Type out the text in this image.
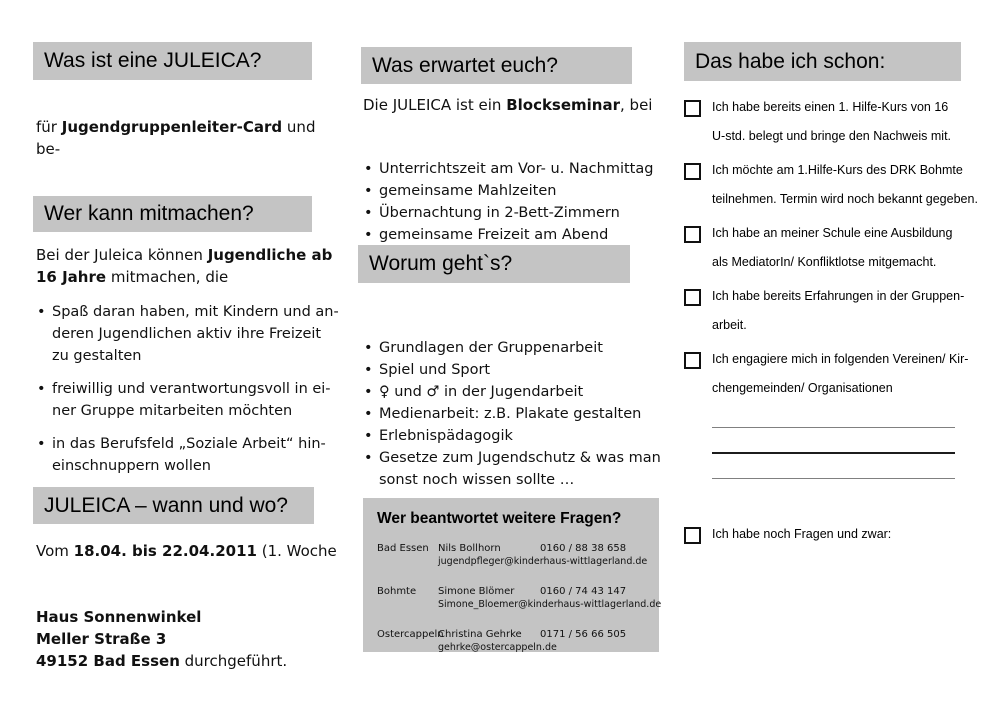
Was ist eine JULEICA?

für Jugendgruppenleiter-Card und be-

Wer kann mitmachen?
Bei der Juleica können Jugendliche ab
16 Jahre mitmachen, die
• Spaß daran haben, mit Kindern und an-
deren Jugendlichen aktiv ihre Freizeit
zu gestalten
• freiwillig und verantwortungsvoll in ei-
ner Gruppe mitarbeiten möchten
• in das Berufsfeld „Soziale Arbeit“ hin-
einschnuppern wollen
JULEICA – wann und wo?
Vom 18.04. bis 22.04.2011 (1. Woche

Haus Sonnenwinkel
Meller Straße 3
49152 Bad Essen durchgeführt.
Was erwartet euch?
Die JULEICA ist ein Blockseminar, bei

• Unterrichtszeit am Vor- u. Nachmittag
• gemeinsame Mahlzeiten
• Übernachtung in 2-Bett-Zimmern
• gemeinsame Freizeit am Abend
Worum geht`s?

• Grundlagen der Gruppenarbeit
• Spiel und Sport
• ♀ und ♂ in der Jugendarbeit
• Medienarbeit: z.B. Plakate gestalten
• Erlebnispädagogik
• Gesetze zum Jugendschutz & was man
sonst noch wissen sollte …
Wer beantwortet weitere Fragen?
Bad Essen Nils Bollhorn	0160 / 88 38 658
jugendpfleger@kinderhaus-wittlagerland.de
Bohmte Simone Blömer	0160 / 74 43 147
Simone_Bloemer@kinderhaus-wittlagerland.de
OstercappelnChristina Gehrke 0171 / 56 66 505
gehrke@ostercappeln.de
Das habe ich schon:
Ich habe bereits einen 1. Hilfe-Kurs von 16
U-std. belegt und bringe den Nachweis mit.
Ich möchte am 1.Hilfe-Kurs des DRK Bohmte
teilnehmen. Termin wird noch bekannt gegeben.
Ich habe an meiner Schule eine Ausbildung
als MediatorIn/ Konfliktlotse mitgemacht.
Ich habe bereits Erfahrungen in der Gruppen-
arbeit.
Ich engagiere mich in folgenden Vereinen/ Kir-
chengemeinden/ Organisationen
Ich habe noch Fragen und zwar:
